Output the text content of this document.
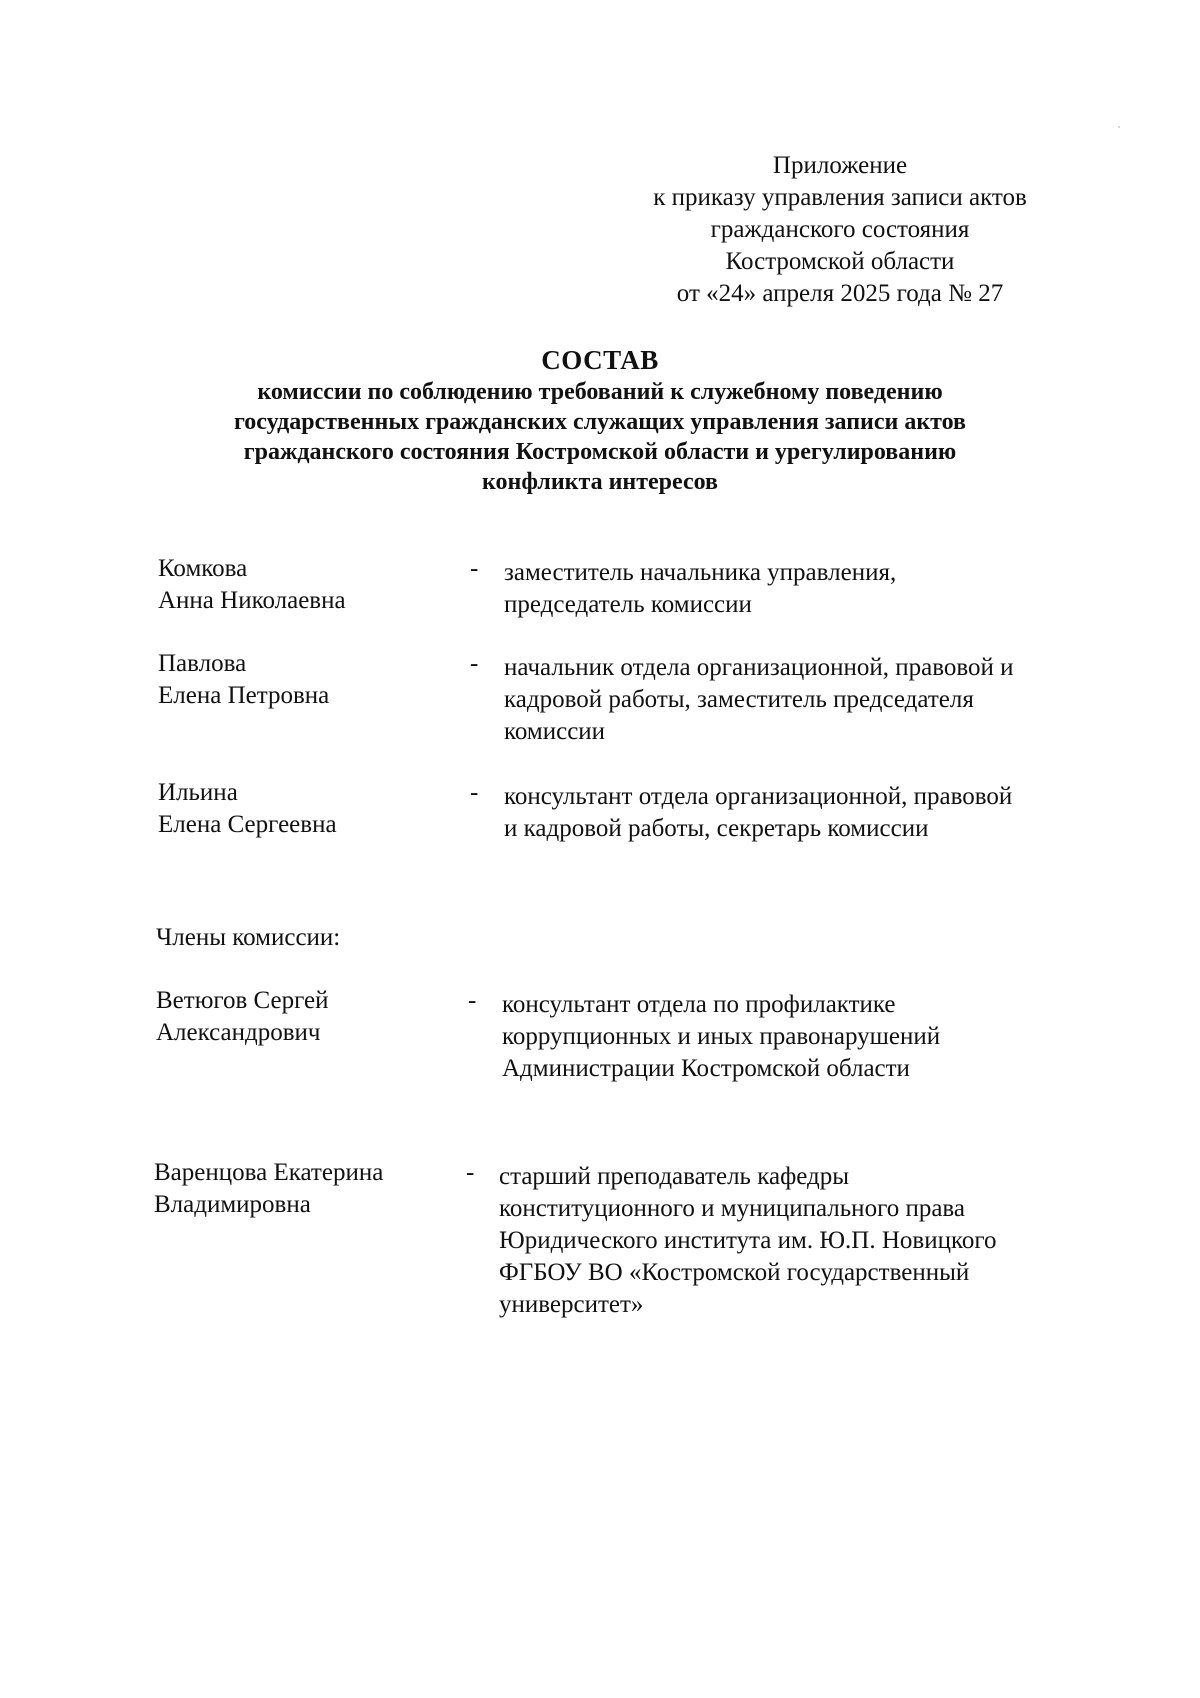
Приложение
к приказу управления записи актов
гражданского состояния
Костромской области
от «24» апреля 2025 года № 27
СОСТАВ
комиссии по соблюдению требований к служебному поведению
государственных гражданских служащих управления записи актов
гражданского состояния Костромской области и урегулированию
конфликта интересов
Комкова
Анна Николаевна
- заместитель начальника управления,
председатель комиссии
Павлова
Елена Петровна
- начальник отдела организационной, правовой и
кадровой работы, заместитель председателя
комиссии
Ильина
Елена Сергеевна
- консультант отдела организационной, правовой
и кадровой работы, секретарь комиссии
Члены комиссии:
Ветюгов Сергей
Александрович
- консультант отдела по профилактике
коррупционных и иных правонарушений
Администрации Костромской области
Варенцова Екатерина
Владимировна
- старший преподаватель кафедры
конституционного и муниципального права
Юридического института им. Ю.П. Новицкого
ФГБОУ ВО «Костромской государственный
университет»
